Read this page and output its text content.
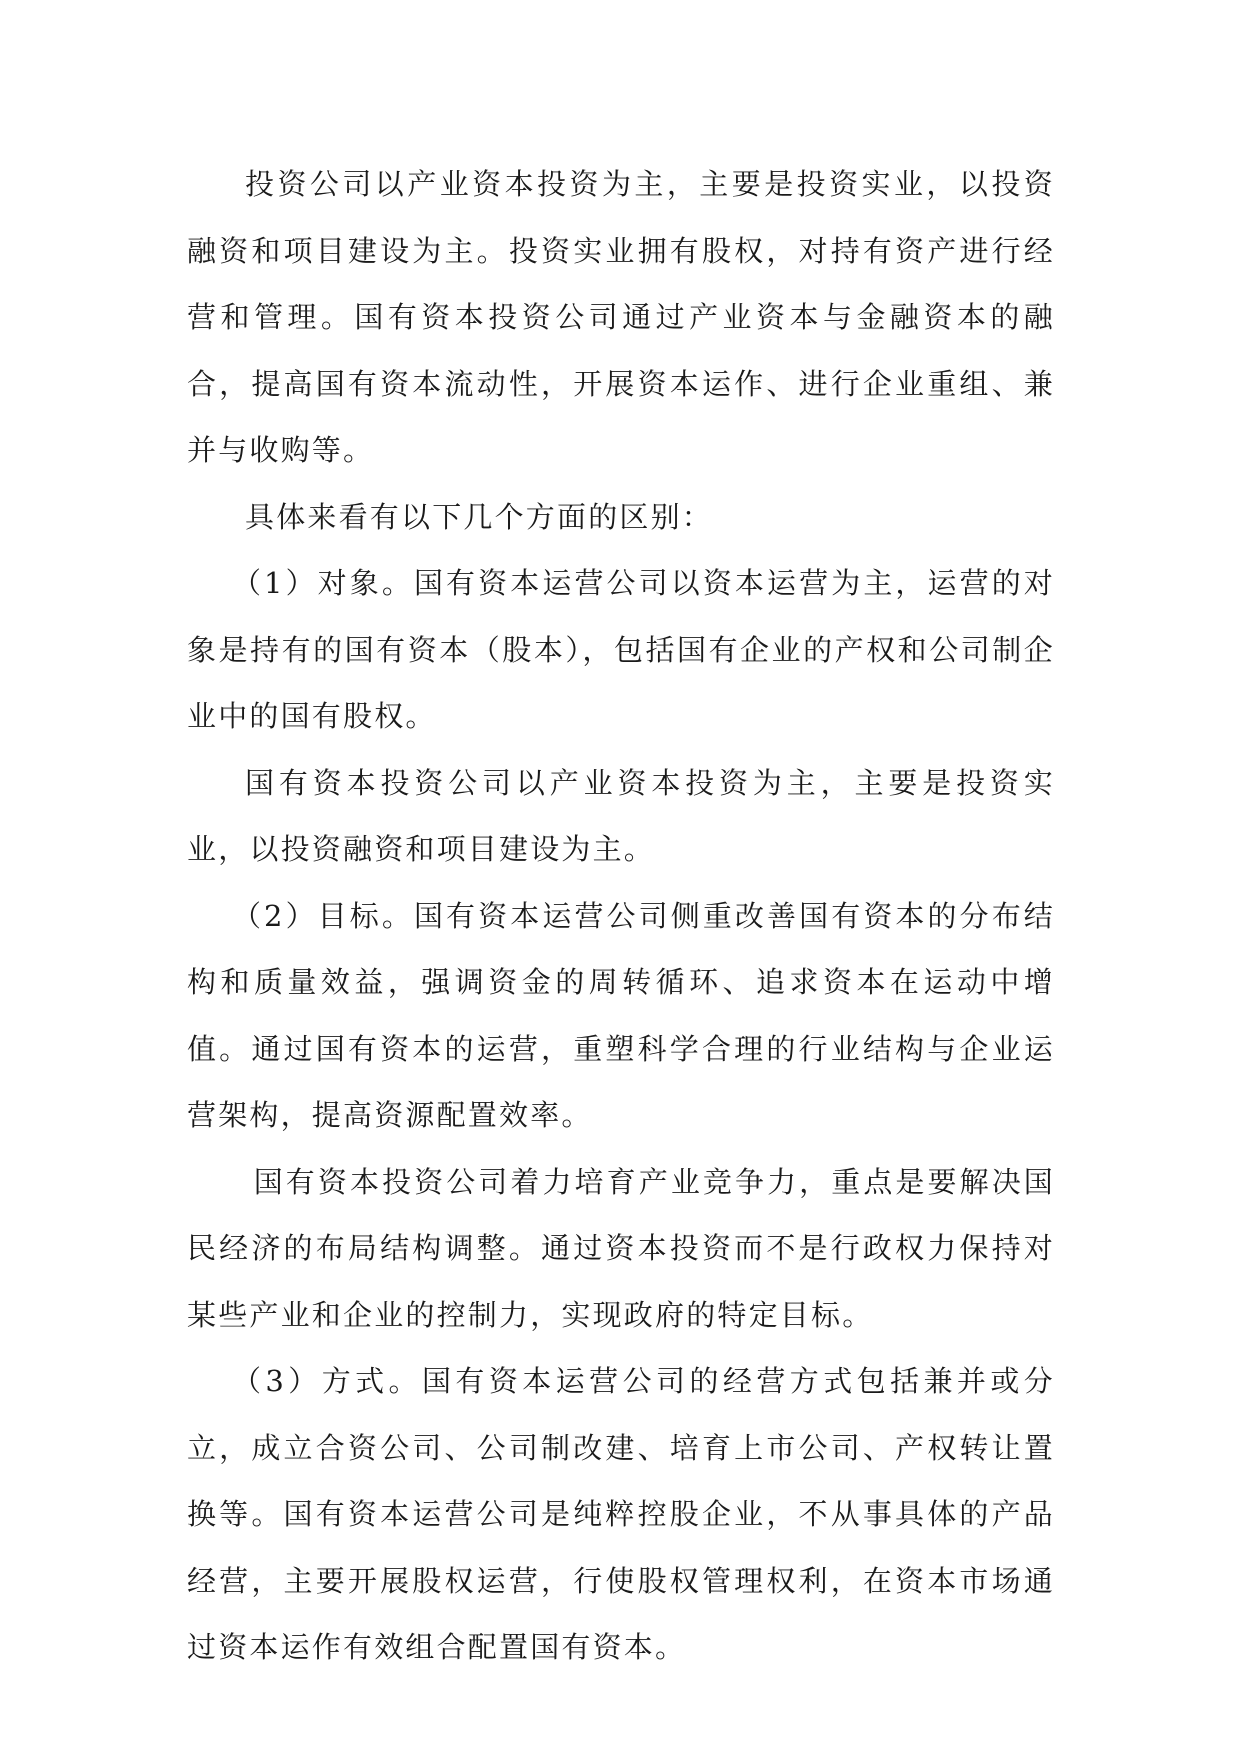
投资公司以产业资本投资为主，主要是投资实业，以投资融资和项目建设为主。投资实业拥有股权，对持有资产进行经营和管理。国有资本投资公司通过产业资本与金融资本的融合，提高国有资本流动性，开展资本运作、进行企业重组、兼并与收购等。

具体来看有以下几个方面的区别：

（1）对象。国有资本运营公司以资本运营为主，运营的对象是持有的国有资本（股本），包括国有企业的产权和公司制企业中的国有股权。

国有资本投资公司以产业资本投资为主，主要是投资实业，以投资融资和项目建设为主。

（2）目标。国有资本运营公司侧重改善国有资本的分布结构和质量效益，强调资金的周转循环、追求资本在运动中增值。通过国有资本的运营，重塑科学合理的行业结构与企业运营架构，提高资源配置效率。

国有资本投资公司着力培育产业竞争力，重点是要解决国民经济的布局结构调整。通过资本投资而不是行政权力保持对某些产业和企业的控制力，实现政府的特定目标。

（3）方式。国有资本运营公司的经营方式包括兼并或分立，成立合资公司、公司制改建、培育上市公司、产权转让置换等。国有资本运营公司是纯粹控股企业，不从事具体的产品经营，主要开展股权运营，行使股权管理权利，在资本市场通过资本运作有效组合配置国有资本。
